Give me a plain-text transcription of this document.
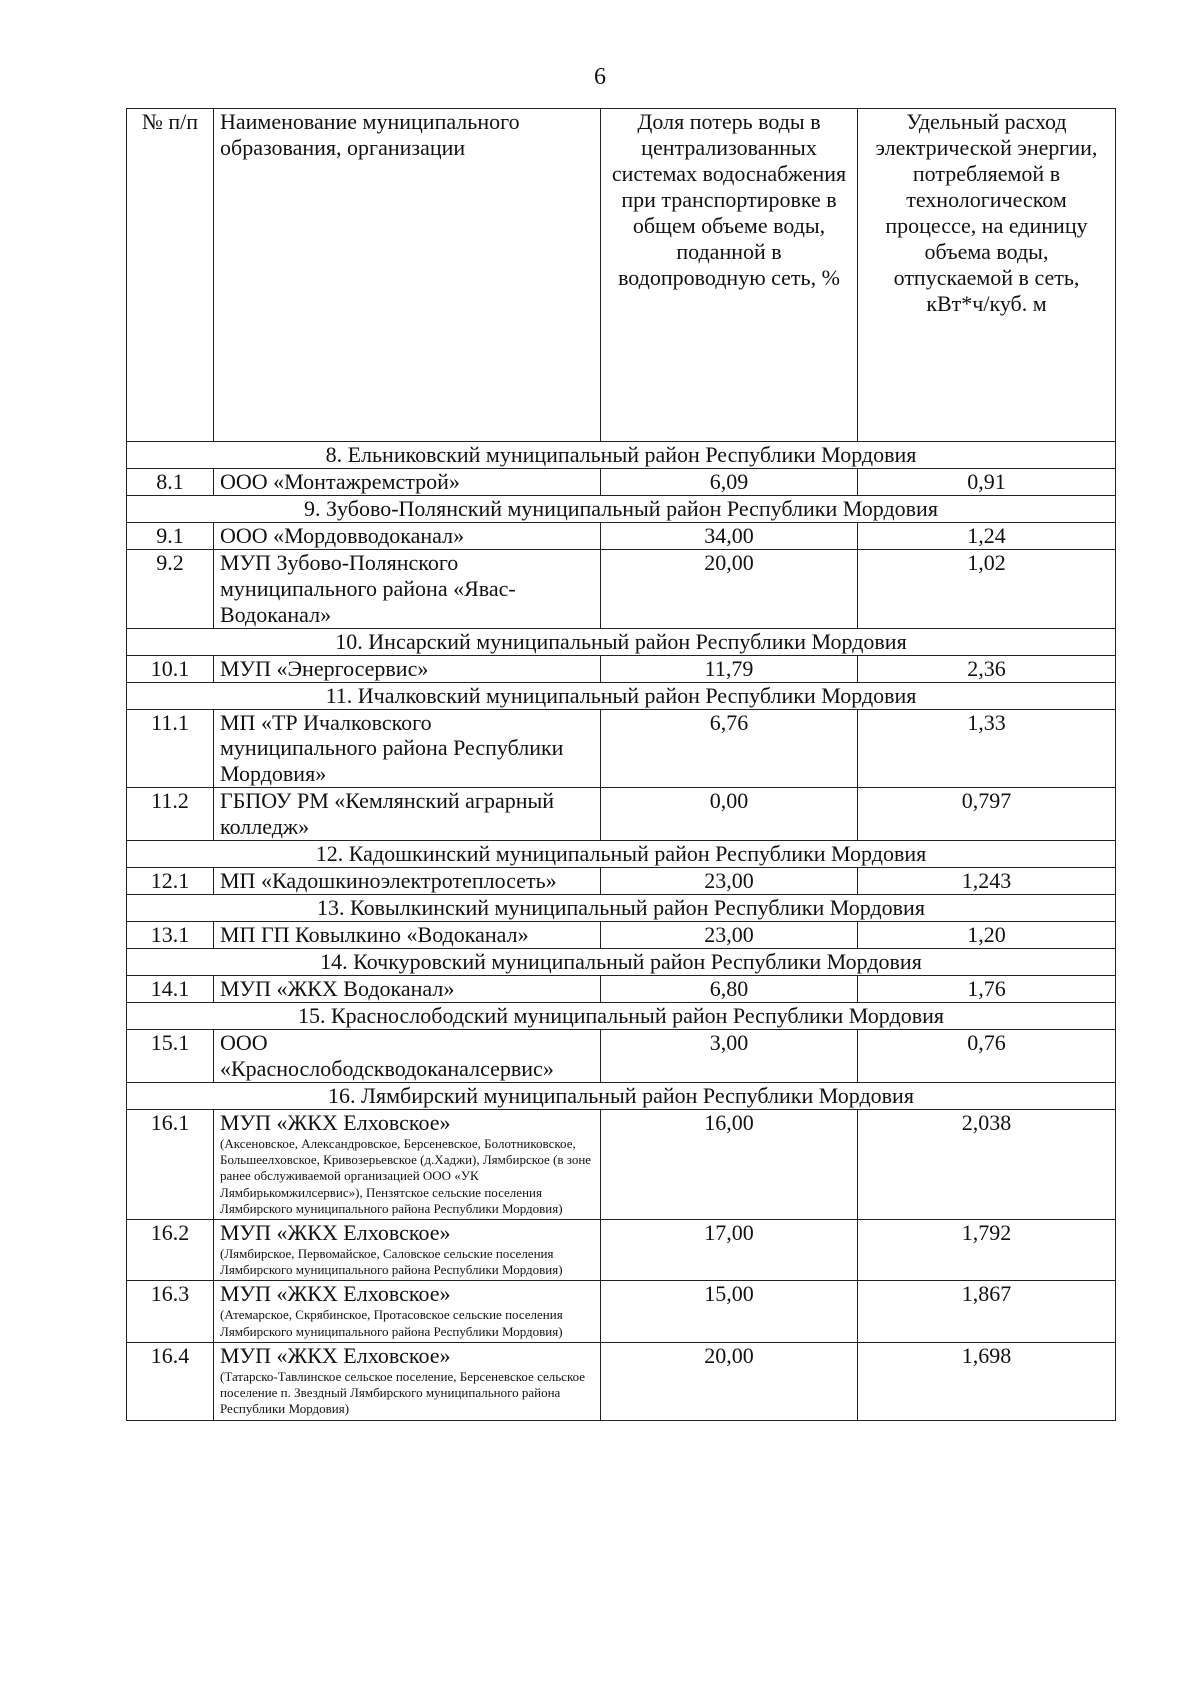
6
№ п/п	Наименование муниципального образования, организации	Доля потерь воды в централизованных системах водоснабжения при транспортировке в общем объеме воды, поданной в водопроводную сеть, %	Удельный расход электрической энергии, потребляемой в технологическом процессе, на единицу объема воды, отпускаемой в сеть, кВт*ч/куб. м
8. Ельниковский муниципальный район Республики Мордовия			
8.1	ООО «Монтажремстрой»	6,09	0,91
9. Зубово-Полянский муниципальный район Республики Мордовия			
9.1	ООО «Мордовводоканал»	34,00	1,24
9.2	МУП Зубово-Полянского муниципального района «Явас-Водоканал»	20,00	1,02
10. Инсарский муниципальный район Республики Мордовия			
10.1	МУП «Энергосервис»	11,79	2,36
11. Ичалковский муниципальный район Республики Мордовия			
11.1	МП «ТР Ичалковского муниципального района Республики Мордовия»	6,76	1,33
11.2	ГБПОУ РМ «Кемлянский аграрный колледж»	0,00	0,797
12. Кадошкинский муниципальный район Республики Мордовия			
12.1	МП «Кадошкиноэлектротеплосеть»	23,00	1,243
13. Ковылкинский муниципальный район Республики Мордовия			
13.1	МП ГП Ковылкино «Водоканал»	23,00	1,20
14. Кочкуровский муниципальный район Республики Мордовия			
14.1	МУП «ЖКХ Водоканал»	6,80	1,76
15. Краснослободский муниципальный район Республики Мордовия			
15.1	ООО «Краснослободскводоканалсервис»	3,00	0,76
16. Лямбирский муниципальный район Республики Мордовия			
16.1	МУП «ЖКХ Елховское»
(Аксеновское, Александровское, Берсеневское, Болотниковское, Большеелховское, Кривозерьевское (д.Хаджи), Лямбирское (в зоне ранее обслуживаемой организацией ООО «УК Лямбирькомжилсервис»), Пензятское сельские поселения Лямбирского муниципального района Республики Мордовия)	16,00	2,038
16.2	МУП «ЖКХ Елховское»
(Лямбирское, Первомайское, Саловское сельские поселения Лямбирского муниципального района Республики Мордовия)	17,00	1,792
16.3	МУП «ЖКХ Елховское»
(Атемарское, Скрябинское, Протасовское сельские поселения Лямбирского муниципального района Республики Мордовия)	15,00	1,867
16.4	МУП «ЖКХ Елховское»
(Татарско-Тавлинское сельское поселение, Берсеневское сельское поселение п. Звездный Лямбирского муниципального района Республики Мордовия)	20,00	1,698
